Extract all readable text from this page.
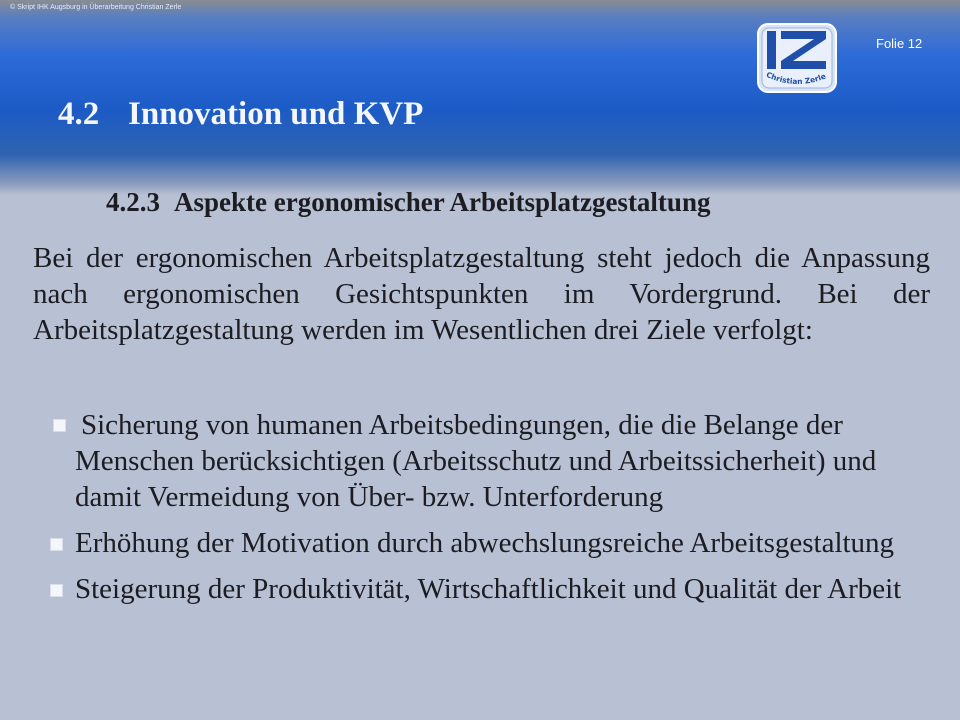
© Skript IHK Augsburg in Überarbeitung Christian Zerle
Christian Zerle
Folie 12
4.2 Innovation und KVP
4.2.3 Aspekte ergonomischer Arbeitsplatzgestaltung

Bei der ergonomischen Arbeitsplatzgestaltung steht jedoch die Anpassung nach ergonomischen Gesichtspunkten im Vordergrund. Bei der Arbeitsplatzgestaltung werden im Wesentlichen drei Ziele verfolgt:

Sicherung von humanen Arbeitsbedingungen, die die Belange der Menschen berücksichtigen (Arbeitsschutz und Arbeitssicherheit) und damit Vermeidung von Über- bzw. Unterforderung
Erhöhung der Motivation durch abwechslungsreiche Arbeitsgestaltung
Steigerung der Produktivität, Wirtschaftlichkeit und Qualität der Arbeit
